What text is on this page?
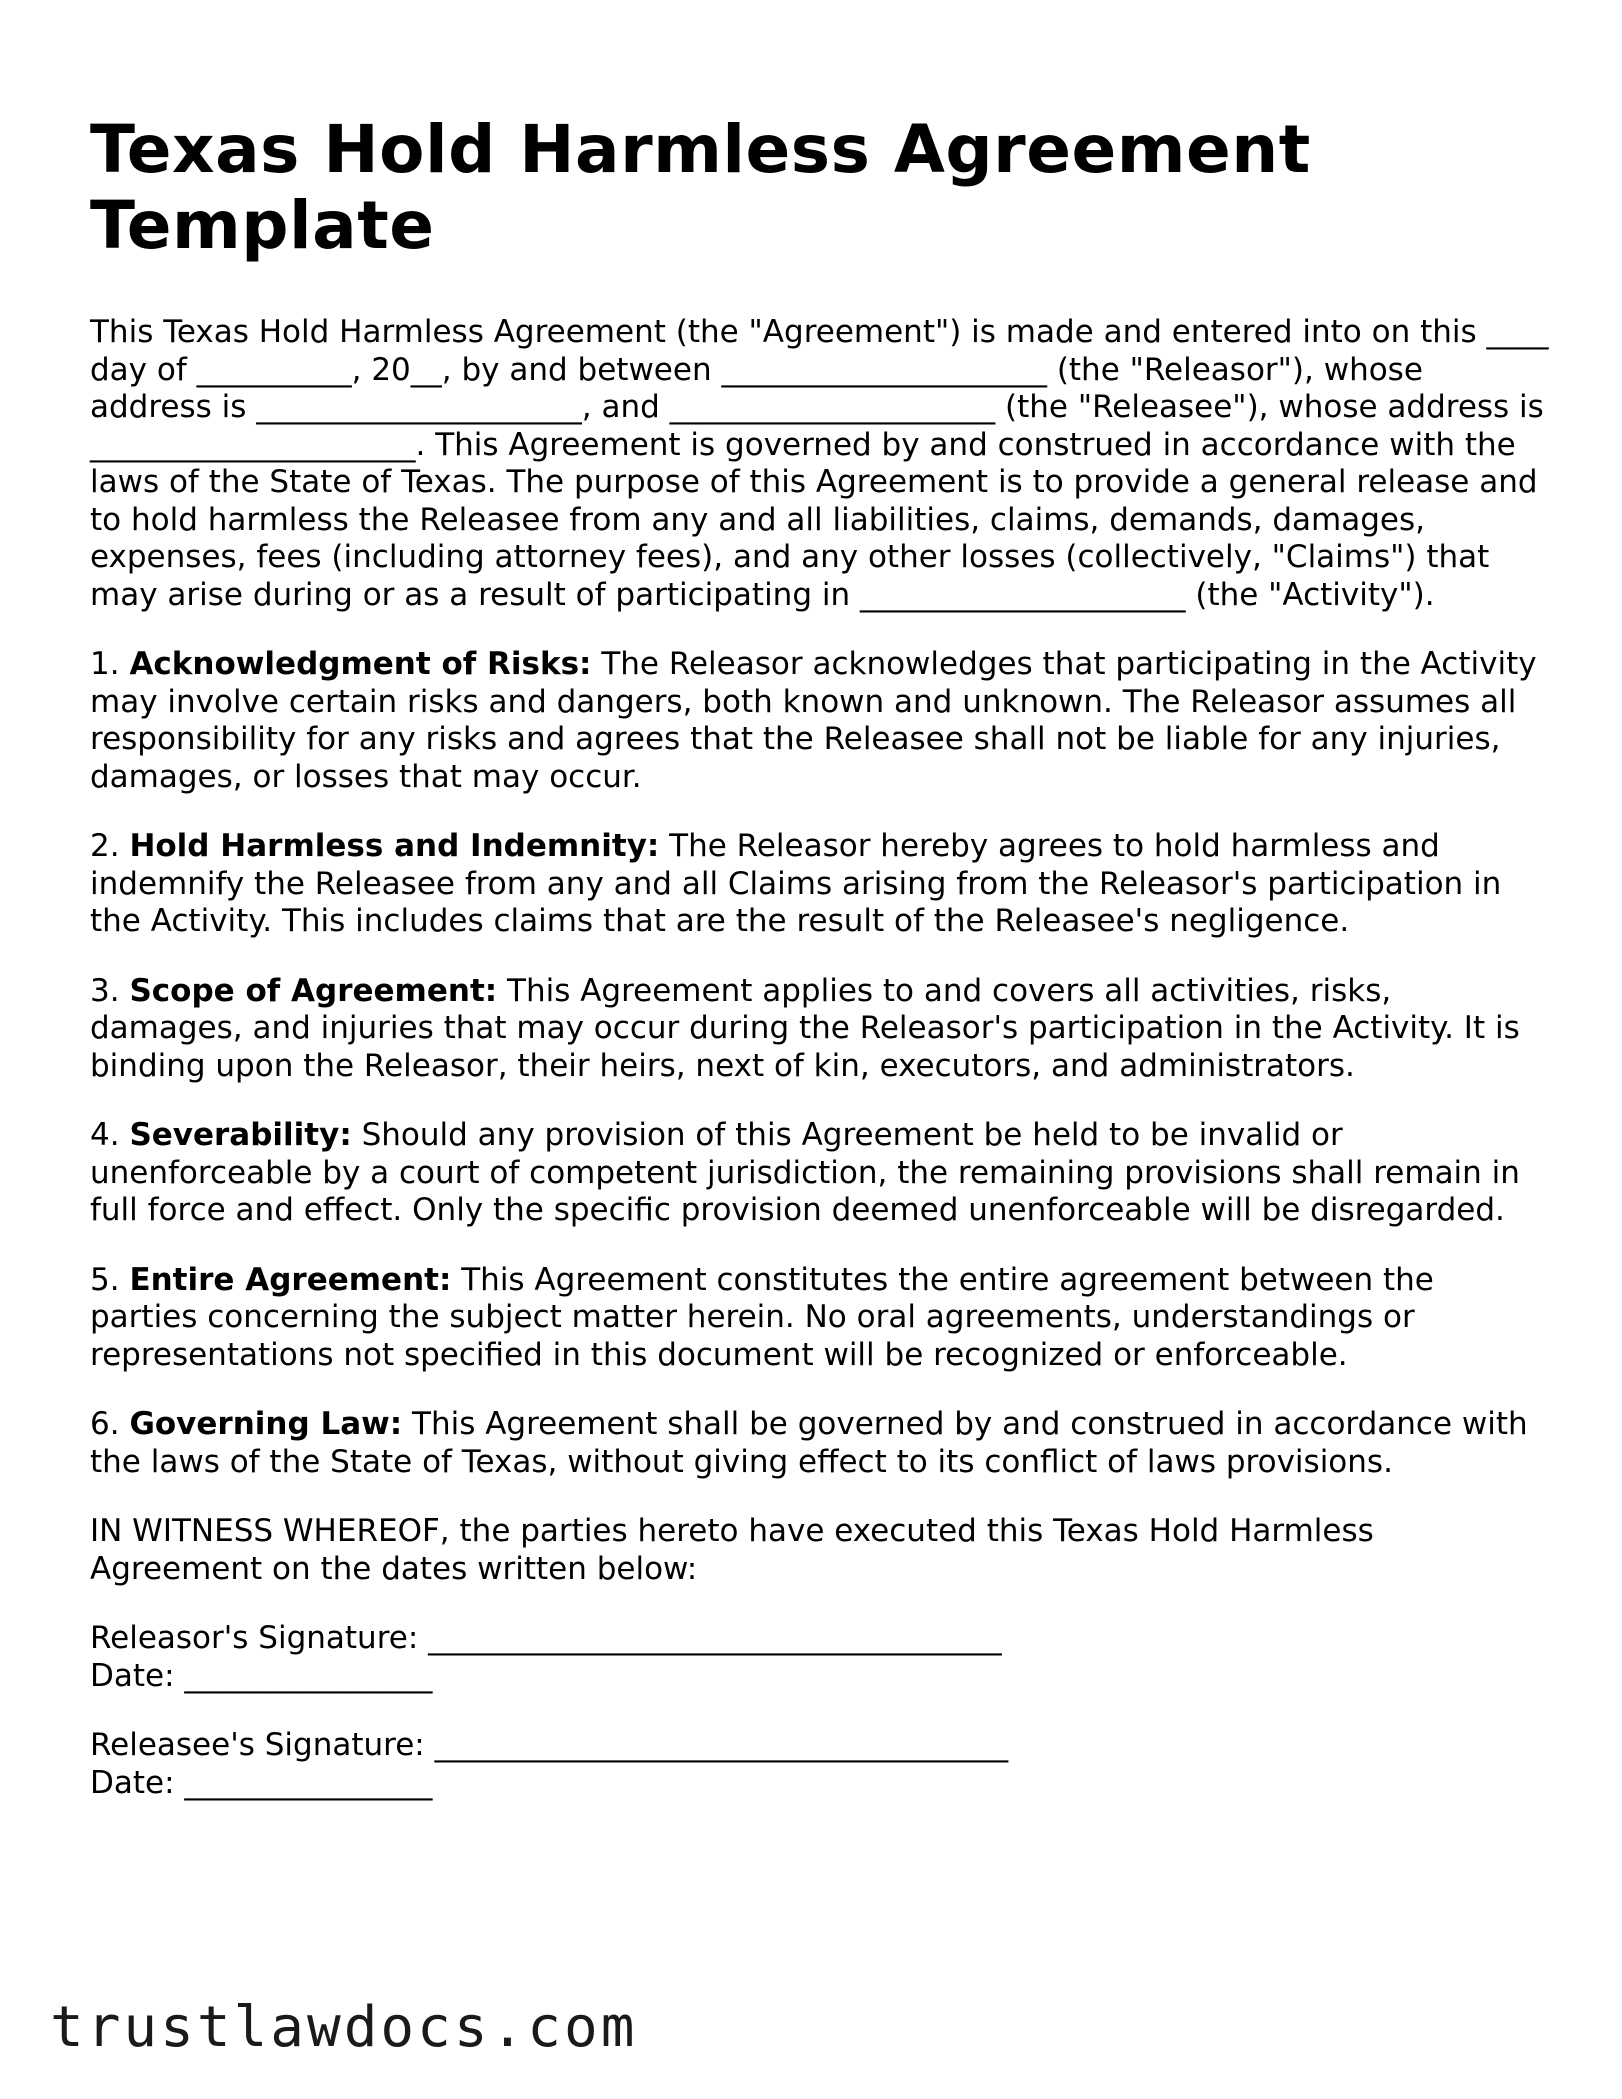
Texas Hold Harmless Agreement Template

This Texas Hold Harmless Agreement (the "Agreement") is made and entered into on this ____ day of __________, 20__, by and between _____________________ (the "Releasor"), whose address is _____________________, and _____________________ (the "Releasee"), whose address is _____________________. This Agreement is governed by and construed in accordance with the laws of the State of Texas. The purpose of this Agreement is to provide a general release and to hold harmless the Releasee from any and all liabilities, claims, demands, damages, expenses, fees (including attorney fees), and any other losses (collectively, "Claims") that may arise during or as a result of participating in _____________________ (the "Activity").

1. Acknowledgment of Risks: The Releasor acknowledges that participating in the Activity may involve certain risks and dangers, both known and unknown. The Releasor assumes all responsibility for any risks and agrees that the Releasee shall not be liable for any injuries, damages, or losses that may occur.

2. Hold Harmless and Indemnity: The Releasor hereby agrees to hold harmless and indemnify the Releasee from any and all Claims arising from the Releasor's participation in the Activity. This includes claims that are the result of the Releasee's negligence.

3. Scope of Agreement: This Agreement applies to and covers all activities, risks, damages, and injuries that may occur during the Releasor's participation in the Activity. It is binding upon the Releasor, their heirs, next of kin, executors, and administrators.

4. Severability: Should any provision of this Agreement be held to be invalid or unenforceable by a court of competent jurisdiction, the remaining provisions shall remain in full force and effect. Only the specific provision deemed unenforceable will be disregarded.

5. Entire Agreement: This Agreement constitutes the entire agreement between the parties concerning the subject matter herein. No oral agreements, understandings or representations not specified in this document will be recognized or enforceable.

6. Governing Law: This Agreement shall be governed by and construed in accordance with the laws of the State of Texas, without giving effect to its conflict of laws provisions.

IN WITNESS WHEREOF, the parties hereto have executed this Texas Hold Harmless Agreement on the dates written below:

Releasor's Signature: _____________________________________
Date: ________________

Releasee's Signature: _____________________________________
Date: ________________

trustlawdocs.com
